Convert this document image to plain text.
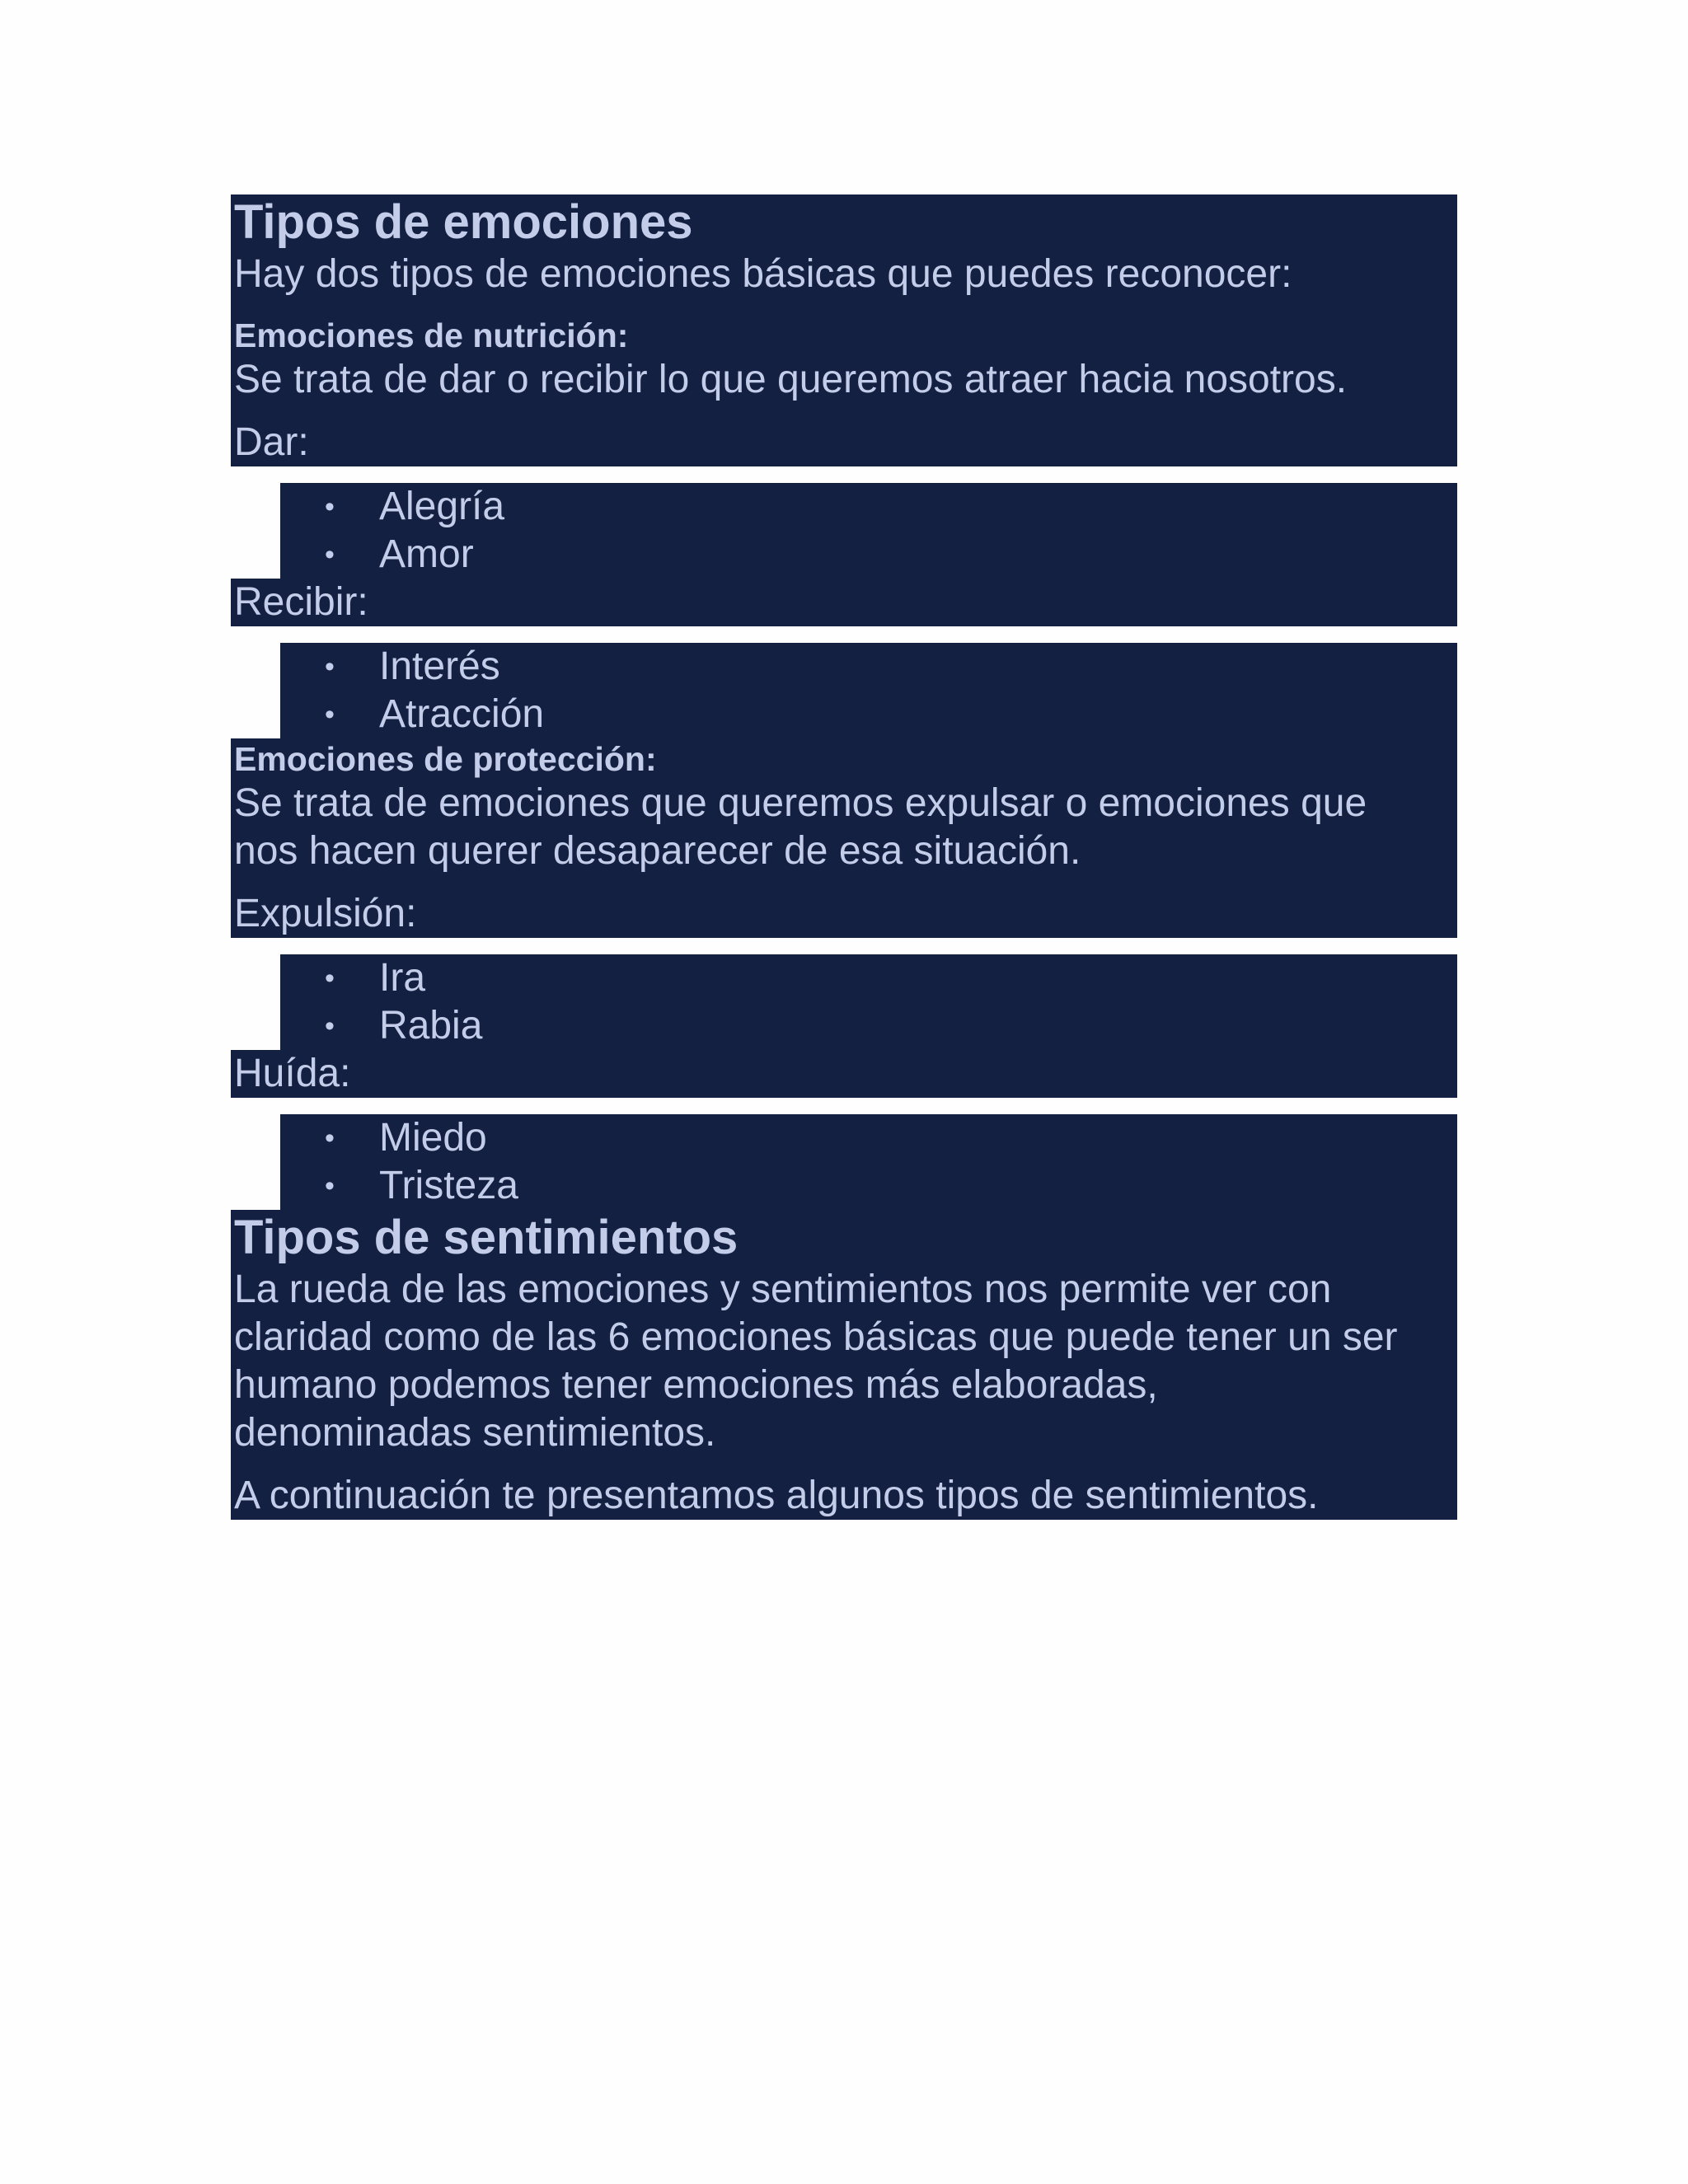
Tipos de emociones

Hay dos tipos de emociones básicas que puedes reconocer:

Emociones de nutrición:

Se trata de dar o recibir lo que queremos atraer hacia nosotros.

Dar:

• Alegría
• Amor

Recibir:

• Interés
• Atracción

Emociones de protección:

Se trata de emociones que queremos expulsar o emociones que

nos hacen querer desaparecer de esa situación.

Expulsión:

• Ira
• Rabia

Huída:

• Miedo
• Tristeza

Tipos de sentimientos

La rueda de las emociones y sentimientos nos permite ver con

claridad como de las 6 emociones básicas que puede tener un ser

humano podemos tener emociones más elaboradas,

denominadas sentimientos.

A continuación te presentamos algunos tipos de sentimientos.
